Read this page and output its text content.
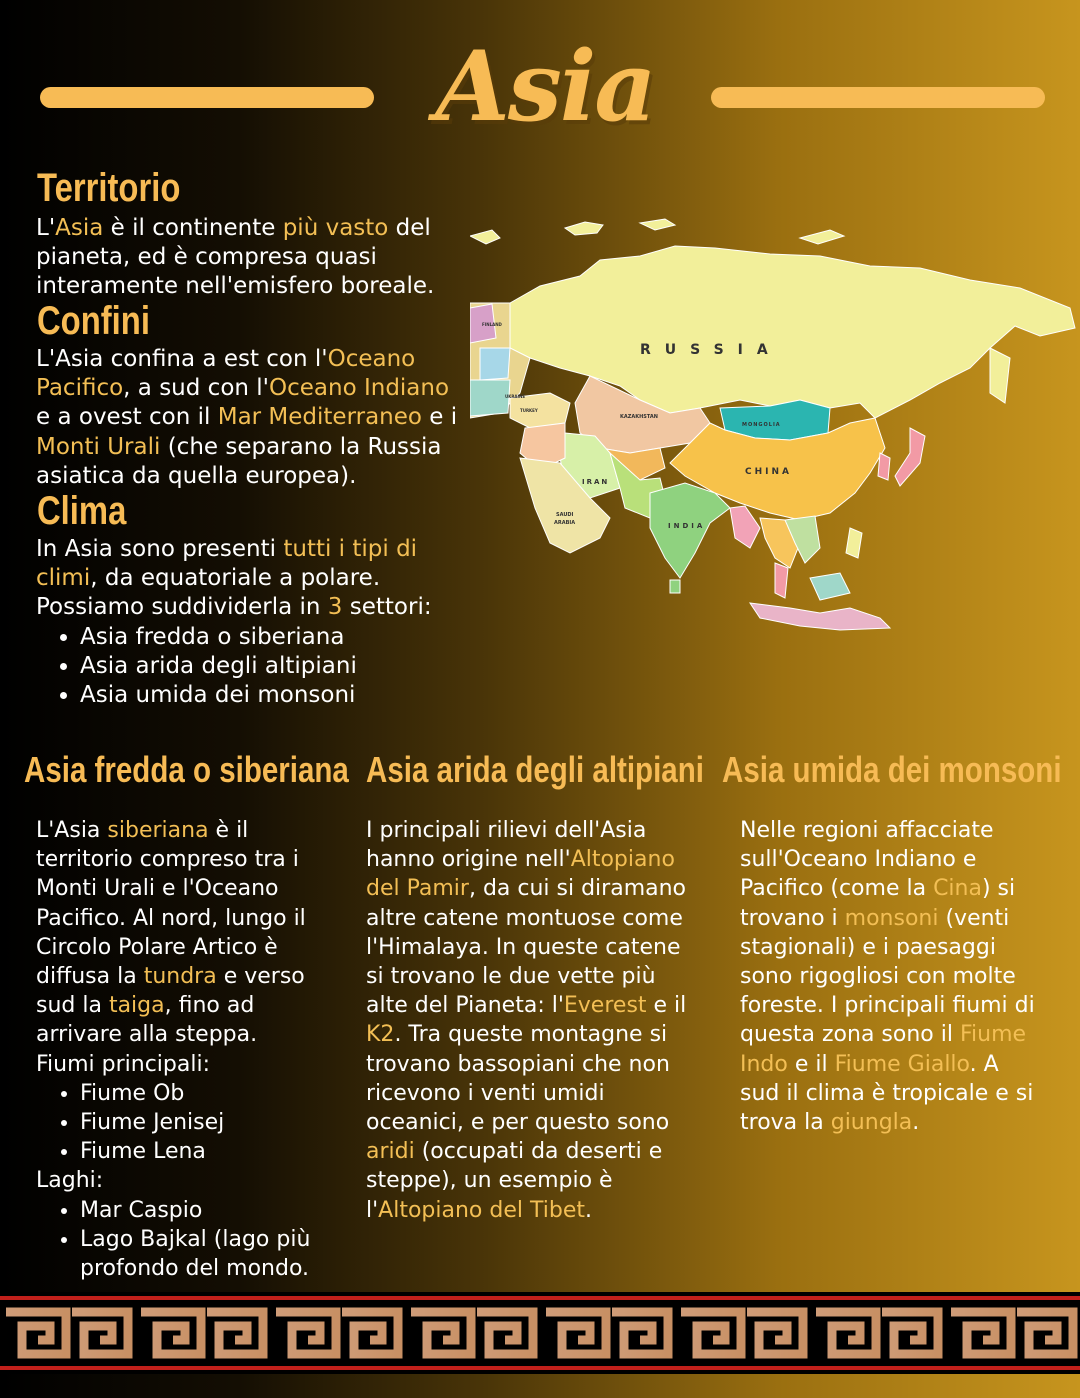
Asia
Territorio
L'Asia è il continente più vasto del pianeta, ed è compresa quasi interamente nell'emisfero boreale.
Confini
L'Asia confina a est con l'Oceano Pacifico, a sud con l'Oceano Indiano e a ovest con il Mar Mediterraneo e i Monti Urali (che separano la Russia asiatica da quella europea).
Clima
In Asia sono presenti tutti i tipi di climi, da equatoriale a polare.
Possiamo suddividerla in 3 settori:
• Asia fredda o siberiana
• Asia arida degli altipiani
• Asia umida dei monsoni
RUSSIA
CHINA
INDIA
IRAN
KAZAKHSTAN
MONGOLIA
TURKEY
SAUDI
ARABIA
UKRAINE
FINLAND
Asia fredda o siberiana Asia arida degli altipiani Asia umida dei monsoni
L'Asia siberiana è il territorio compreso tra i Monti Urali e l'Oceano Pacifico. Al nord, lungo il Circolo Polare Artico è diffusa la tundra e verso sud la taiga, fino ad arrivare alla steppa.
Fiumi principali:
• Fiume Ob
• Fiume Jenisej
• Fiume Lena
Laghi:
• Mar Caspio
• Lago Bajkal (lago più profondo del mondo.
I principali rilievi dell'Asia hanno origine nell'Altopiano del Pamir, da cui si diramano altre catene montuose come l'Himalaya. In queste catene si trovano le due vette più alte del Pianeta: l'Everest e il K2. Tra queste montagne si trovano bassopiani che non ricevono i venti umidi oceanici, e per questo sono aridi (occupati da deserti e steppe), un esempio è l'Altopiano del Tibet.
Nelle regioni affacciate sull'Oceano Indiano e Pacifico (come la Cina) si trovano i monsoni (venti stagionali) e i paesaggi sono rigogliosi con molte foreste. I principali fiumi di questa zona sono il Fiume Indo e il Fiume Giallo. A sud il clima è tropicale e si trova la giungla.
